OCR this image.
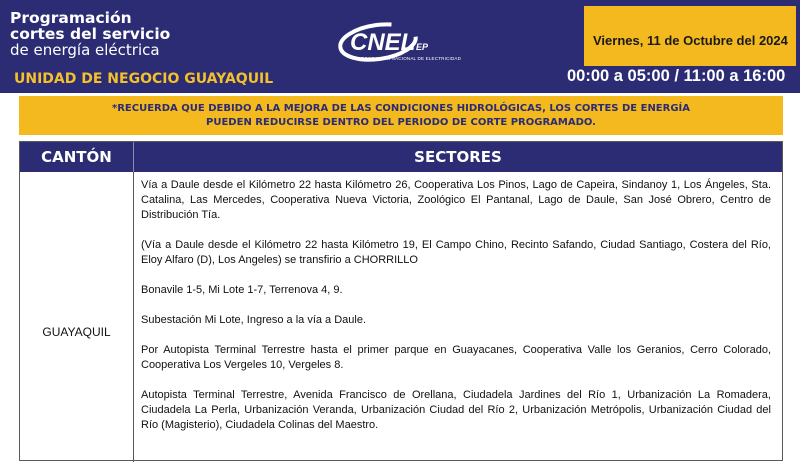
Programación
cortes del servicio
de energía eléctrica
UNIDAD DE NEGOCIO GUAYAQUIL
CNEL EP
CORPORACIÓN NACIONAL DE ELECTRICIDAD
Viernes, 11 de Octubre del 2024
00:00 a 05:00 / 11:00 a 16:00
*RECUERDA QUE DEBIDO A LA MEJORA DE LAS CONDICIONES HIDROLÓGICAS, LOS CORTES DE ENERGÍA
PUEDEN REDUCIRSE DENTRO DEL PERIODO DE CORTE PROGRAMADO.
CANTÓN	SECTORES
GUAYAQUIL

Vía a Daule desde el Kilómetro 22 hasta Kilómetro 26, Cooperativa Los Pinos, Lago de Capeira, Sindanoy 1, Los Ángeles, Sta. Catalina, Las Mercedes, Cooperativa Nueva Victoria, Zoológico El Pantanal, Lago de Daule, San José Obrero, Centro de Distribución Tía.

(Vía a Daule desde el Kilómetro 22 hasta Kilómetro 19, El Campo Chino, Recinto Safando, Ciudad Santiago, Costera del Río, Eloy Alfaro (D), Los Angeles) se transfirio a CHORRILLO

Bonavile 1-5, Mi Lote 1-7, Terrenova 4, 9.

Subestación Mi Lote, Ingreso a la vía a Daule.

Por Autopista Terminal Terrestre hasta el primer parque en Guayacanes, Cooperativa Valle los Geranios, Cerro Colorado, Cooperativa Los Vergeles 10, Vergeles 8.

Autopista Terminal Terrestre, Avenida Francisco de Orellana, Ciudadela Jardines del Río 1, Urbanización La Romadera, Ciudadela La Perla, Urbanización Veranda, Urbanización Ciudad del Río 2, Urbanización Metrópolis, Urbanización Ciudad del Río (Magisterio), Ciudadela Colinas del Maestro.
